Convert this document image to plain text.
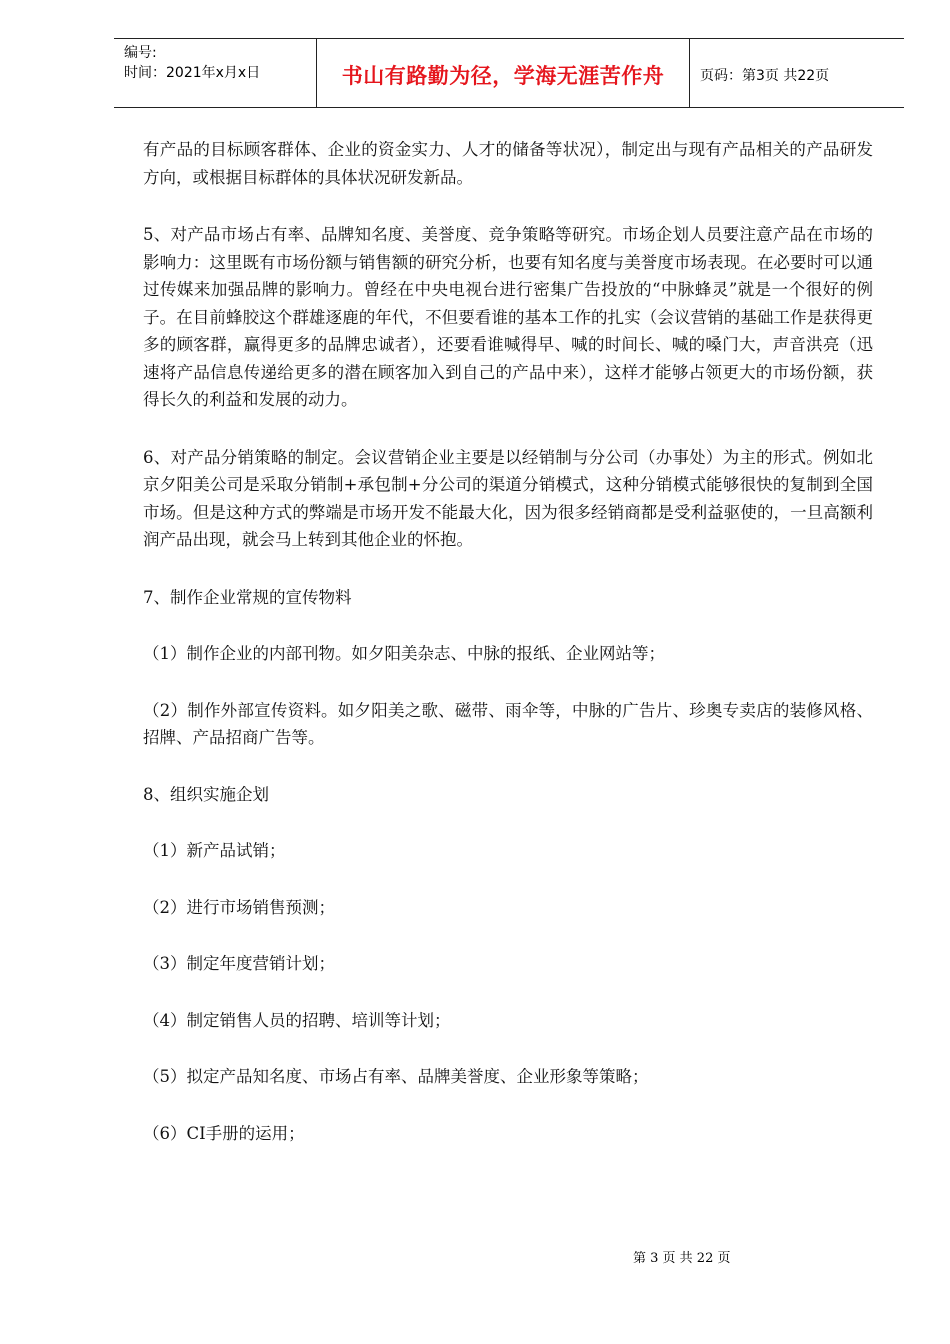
编号:
时间：2021年x月x日	书山有路勤为径，学海无涯苦作舟	页码：第3页 共22页

有产品的目标顾客群体、企业的资金实力、人才的储备等状况），制定出与现有产品相关的产品研发方向，或根据目标群体的具体状况研发新品。

5、对产品市场占有率、品牌知名度、美誉度、竞争策略等研究。市场企划人员要注意产品在市场的影响力：这里既有市场份额与销售额的研究分析，也要有知名度与美誉度市场表现。在必要时可以通过传媒来加强品牌的影响力。曾经在中央电视台进行密集广告投放的“中脉蜂灵”就是一个很好的例子。在目前蜂胶这个群雄逐鹿的年代，不但要看谁的基本工作的扎实（会议营销的基础工作是获得更多的顾客群，赢得更多的品牌忠诚者），还要看谁喊得早、喊的时间长、喊的嗓门大，声音洪亮（迅速将产品信息传递给更多的潜在顾客加入到自己的产品中来），这样才能够占领更大的市场份额，获得长久的利益和发展的动力。

6、对产品分销策略的制定。会议营销企业主要是以经销制与分公司（办事处）为主的形式。例如北京夕阳美公司是采取分销制+承包制+分公司的渠道分销模式，这种分销模式能够很快的复制到全国市场。但是这种方式的弊端是市场开发不能最大化，因为很多经销商都是受利益驱使的，一旦高额利润产品出现，就会马上转到其他企业的怀抱。

7、制作企业常规的宣传物料

（1）制作企业的内部刊物。如夕阳美杂志、中脉的报纸、企业网站等；

（2）制作外部宣传资料。如夕阳美之歌、磁带、雨伞等，中脉的广告片、珍奥专卖店的装修风格、招牌、产品招商广告等。

8、组织实施企划

（1）新产品试销；

（2）进行市场销售预测；

（3）制定年度营销计划；

（4）制定销售人员的招聘、培训等计划；

（5）拟定产品知名度、市场占有率、品牌美誉度、企业形象等策略；

（6）CI手册的运用；

第 3 页 共 22 页
